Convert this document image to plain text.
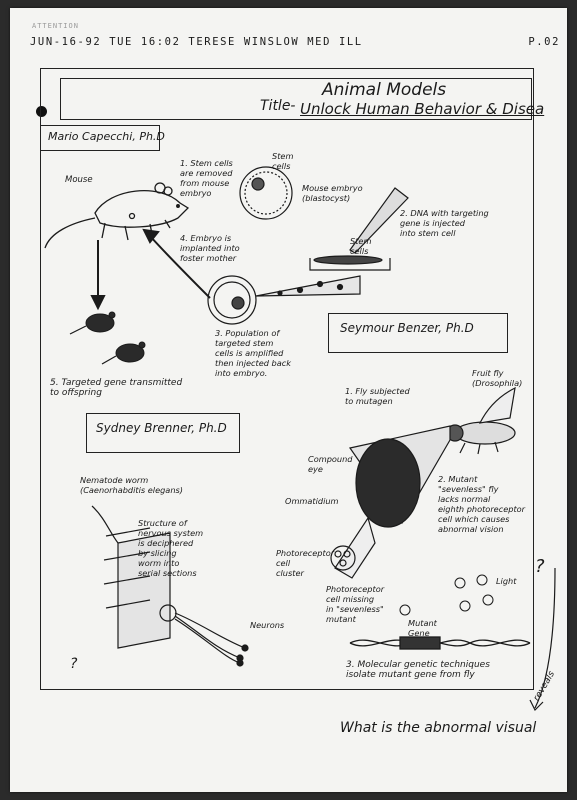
ATTENTION
JUN-16-92 TUE 16:02 TERESE WINSLOW MED ILL	P.02
Title-
Animal Models
Unlock Human Behavior & Disea
Mario Capecchi, Ph.D
Seymour Benzer, Ph.D
Sydney Brenner, Ph.D
Mouse
1. Stem cells
are removed
from mouse
embryo
Stem
cells
Mouse embryo
(blastocyst)
Stem
cells
2. DNA with targeting
gene is injected
into stem cell
4. Embryo is
implanted into
foster mother
3. Population of
targeted stem
cells is amplified
then injected back
into embryo.
5. Targeted gene transmitted
to offspring
Fruit fly
(Drosophila)
1. Fly subjected
to mutagen
Compound
eye
Ommatidium
2. Mutant
"sevenless" fly
lacks normal
eighth photoreceptor
cell which causes
abnormal vision
Photoreceptor
cell
cluster
Photoreceptor
cell missing
in "sevenless"
mutant
Light
Mutant
Gene
3. Molecular genetic techniques
isolate mutant gene from fly
Nematode worm
(Caenorhabditis elegans)
Structure of
nervous system
is deciphered
by slicing
worm into
serial sections
Neurons
?
?
What is the abnormal visual
reveals
